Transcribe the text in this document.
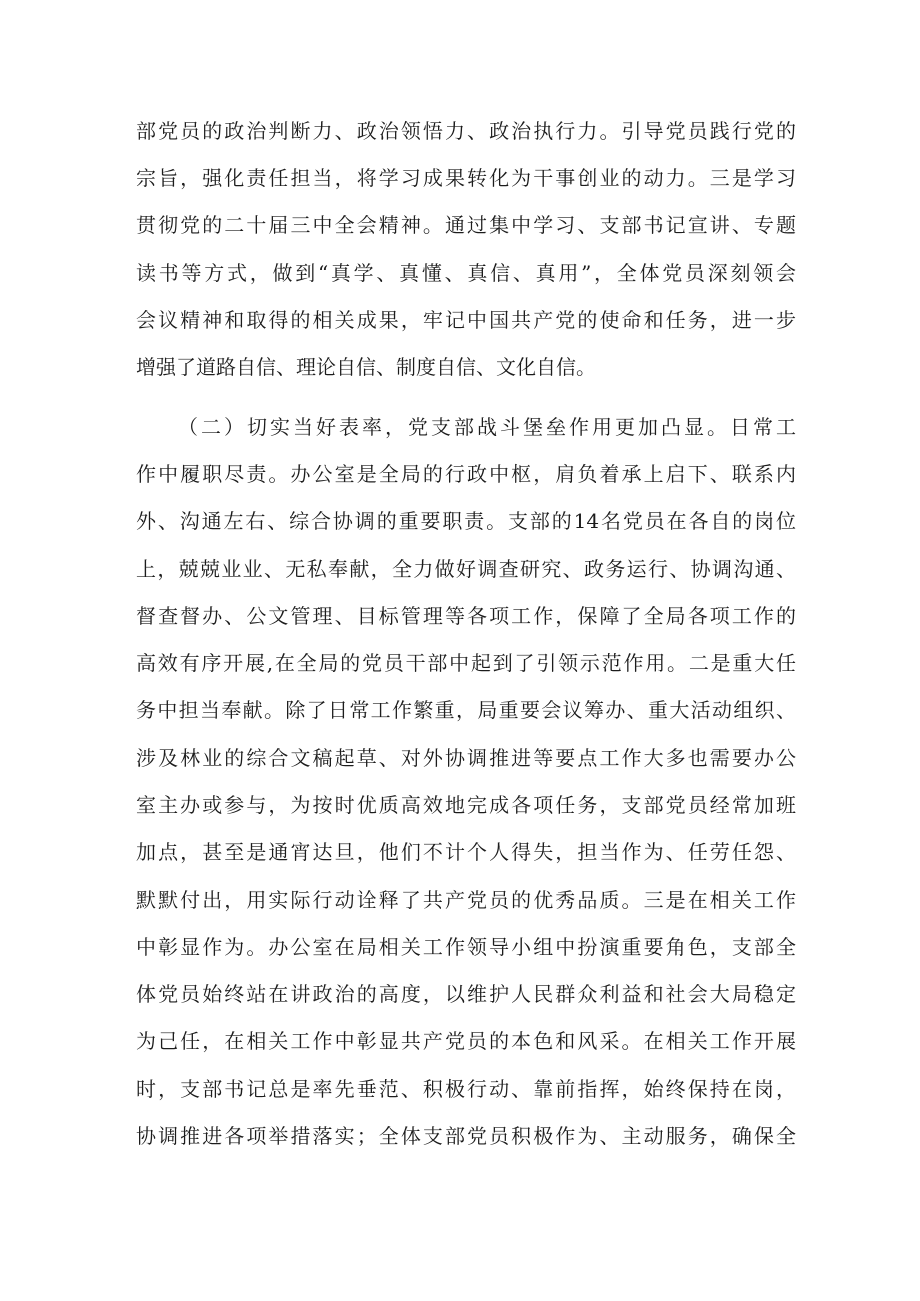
部党员的政治判断力、政治领悟力、政治执行力。引导党员践行党的
宗旨，强化责任担当，将学习成果转化为干事创业的动力。三是学习
贯彻党的二十届三中全会精神。通过集中学习、支部书记宣讲、专题
读书等方式，做到“真学、真懂、真信、真用”，全体党员深刻领会
会议精神和取得的相关成果，牢记中国共产党的使命和任务，进一步
增强了道路自信、理论自信、制度自信、文化自信。
（二）切实当好表率，党支部战斗堡垒作用更加凸显。日常工
作中履职尽责。办公室是全局的行政中枢，肩负着承上启下、联系内
外、沟通左右、综合协调的重要职责。支部的14名党员在各自的岗位
上，兢兢业业、无私奉献，全力做好调查研究、政务运行、协调沟通、
督查督办、公文管理、目标管理等各项工作，保障了全局各项工作的
高效有序开展,在全局的党员干部中起到了引领示范作用。二是重大任
务中担当奉献。除了日常工作繁重，局重要会议筹办、重大活动组织、
涉及林业的综合文稿起草、对外协调推进等要点工作大多也需要办公
室主办或参与，为按时优质高效地完成各项任务，支部党员经常加班
加点，甚至是通宵达旦，他们不计个人得失，担当作为、任劳任怨、
默默付出，用实际行动诠释了共产党员的优秀品质。三是在相关工作
中彰显作为。办公室在局相关工作领导小组中扮演重要角色，支部全
体党员始终站在讲政治的高度，以维护人民群众利益和社会大局稳定
为己任，在相关工作中彰显共产党员的本色和风采。在相关工作开展
时，支部书记总是率先垂范、积极行动、靠前指挥，始终保持在岗，
协调推进各项举措落实；全体支部党员积极作为、主动服务，确保全
